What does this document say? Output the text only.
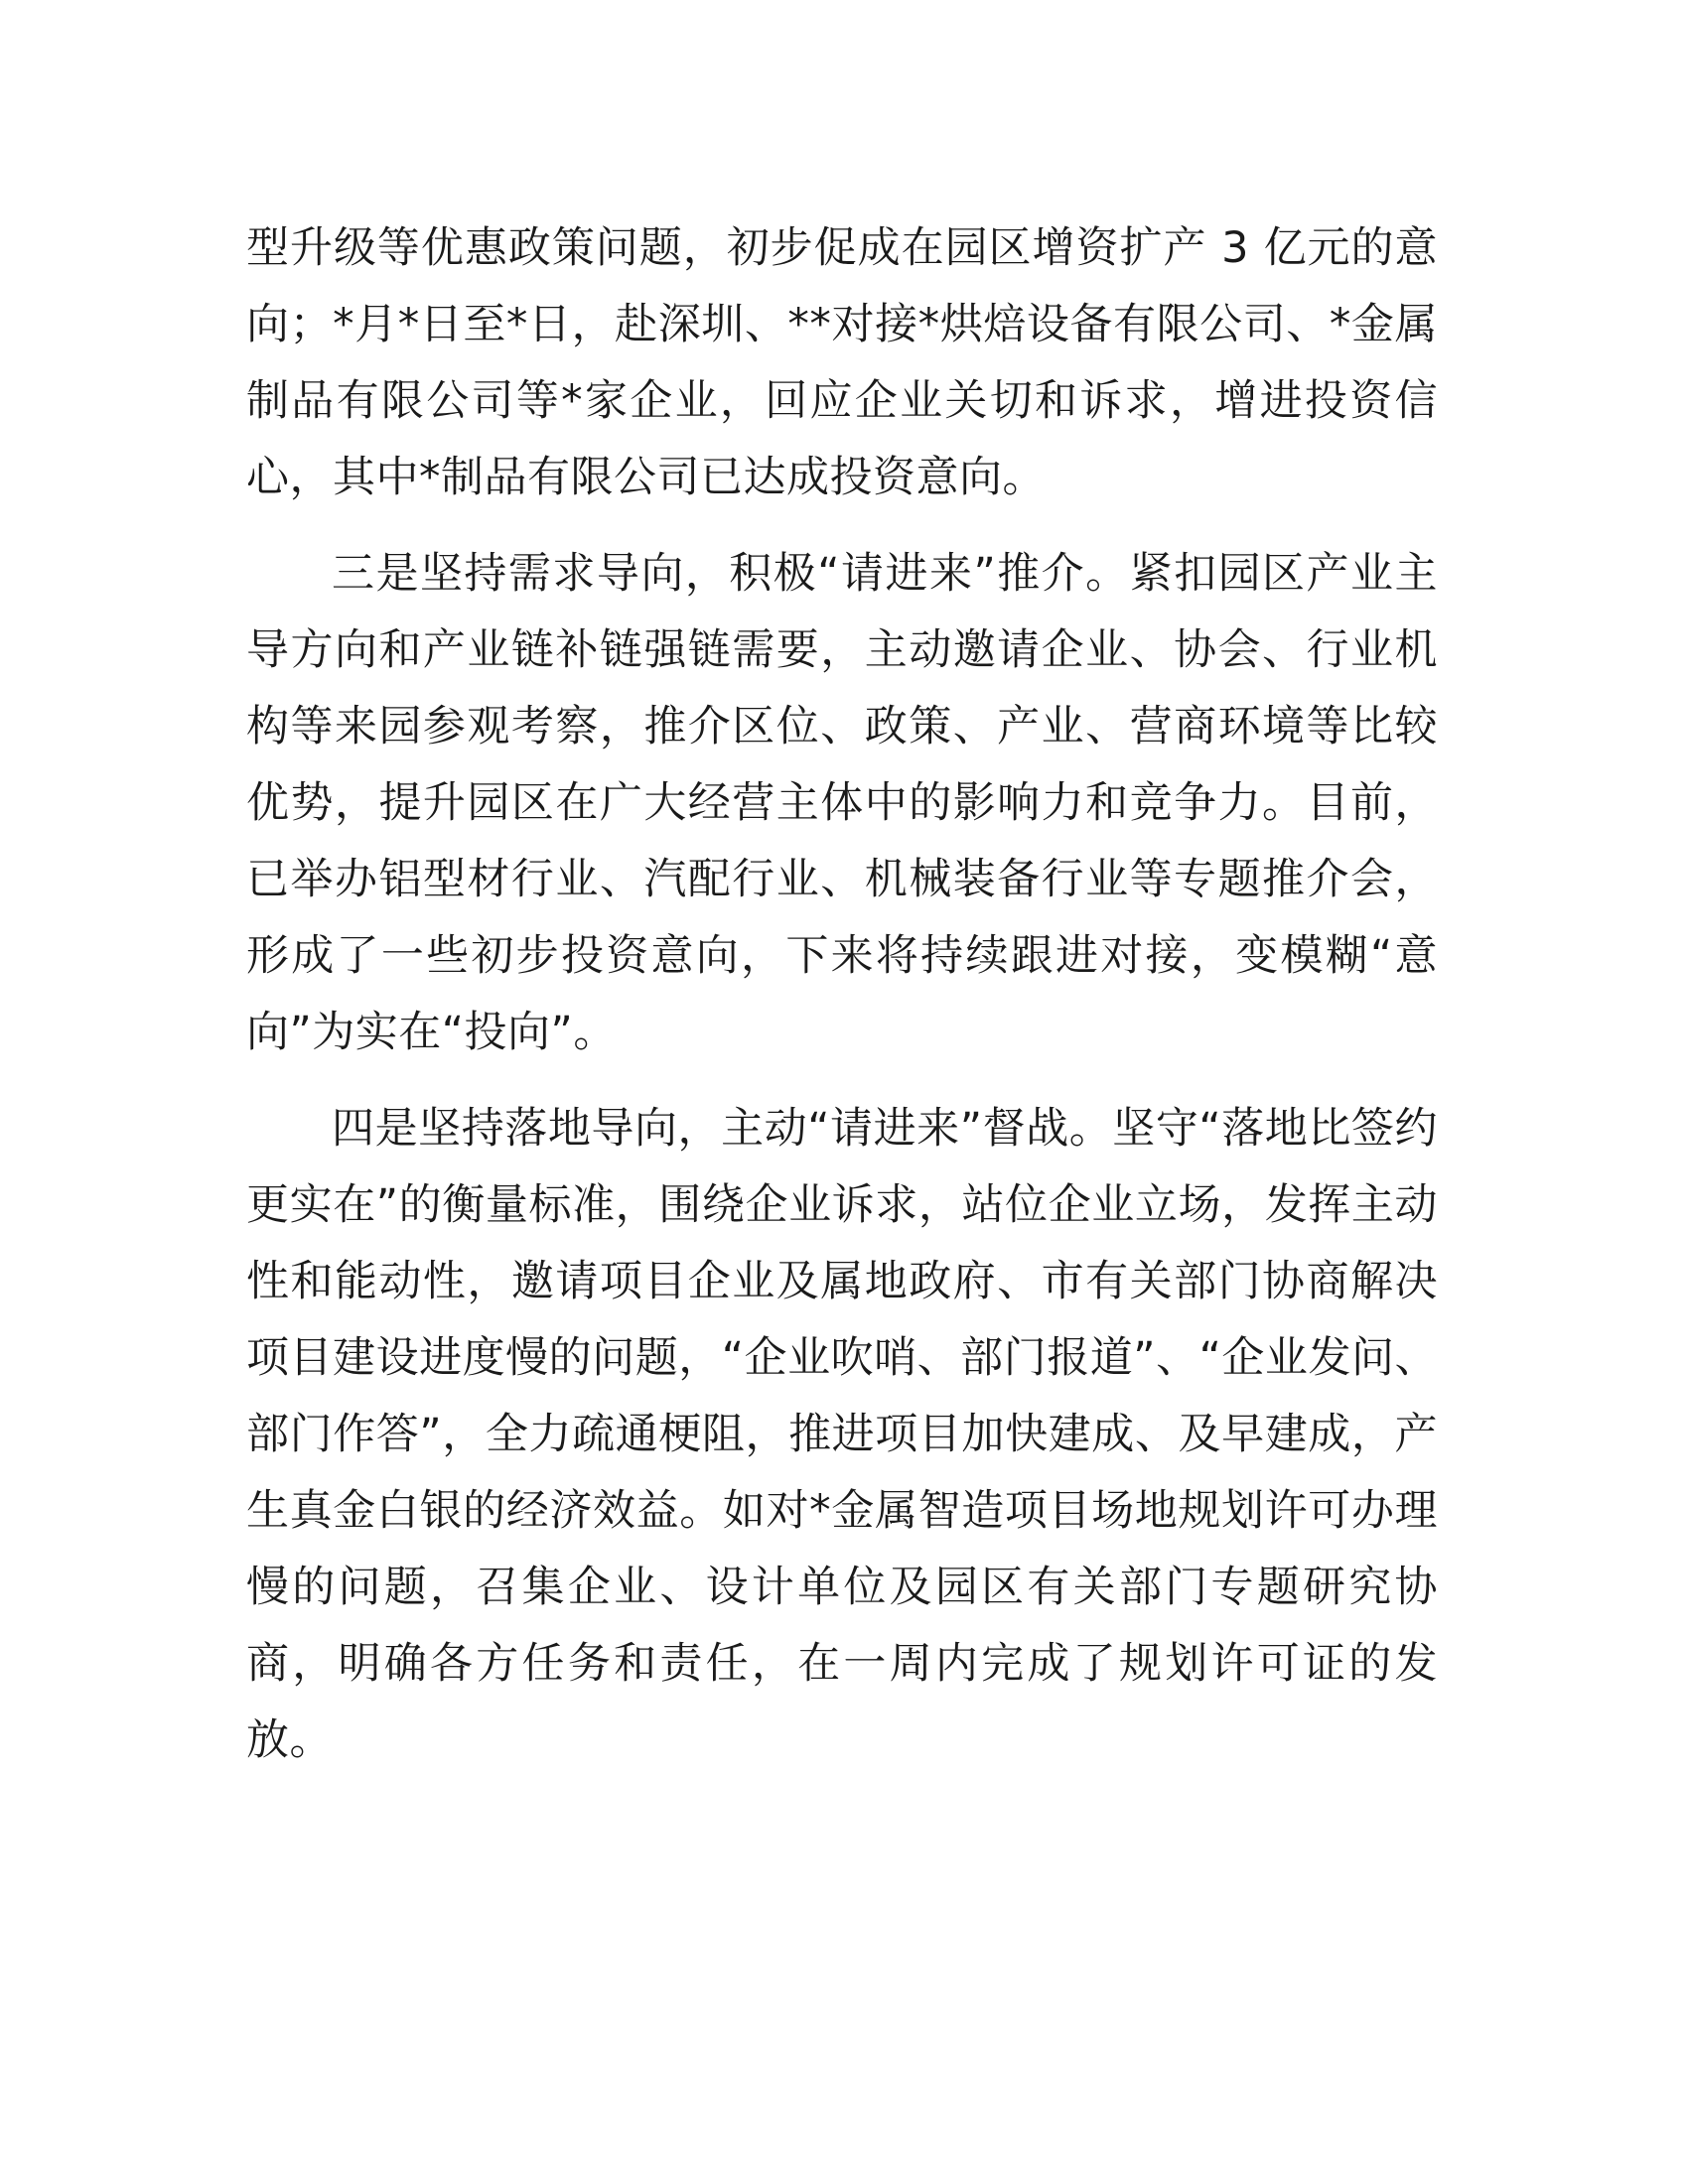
型升级等优惠政策问题，初步促成在园区增资扩产 3 亿元的意向；*月*日至*日，赴深圳、**对接*烘焙设备有限公司、*金属制品有限公司等*家企业，回应企业关切和诉求，增进投资信心，其中*制品有限公司已达成投资意向。

三是坚持需求导向，积极“请进来”推介。紧扣园区产业主导方向和产业链补链强链需要，主动邀请企业、协会、行业机构等来园参观考察，推介区位、政策、产业、营商环境等比较优势，提升园区在广大经营主体中的影响力和竞争力。目前，已举办铝型材行业、汽配行业、机械装备行业等专题推介会，形成了一些初步投资意向，下来将持续跟进对接，变模糊“意向”为实在“投向”。

四是坚持落地导向，主动“请进来”督战。坚守“落地比签约更实在”的衡量标准，围绕企业诉求，站位企业立场，发挥主动性和能动性，邀请项目企业及属地政府、市有关部门协商解决项目建设进度慢的问题，“企业吹哨、部门报道”、“企业发问、部门作答”，全力疏通梗阻，推进项目加快建成、及早建成，产生真金白银的经济效益。如对*金属智造项目场地规划许可办理慢的问题，召集企业、设计单位及园区有关部门专题研究协商，明确各方任务和责任，在一周内完成了规划许可证的发放。
